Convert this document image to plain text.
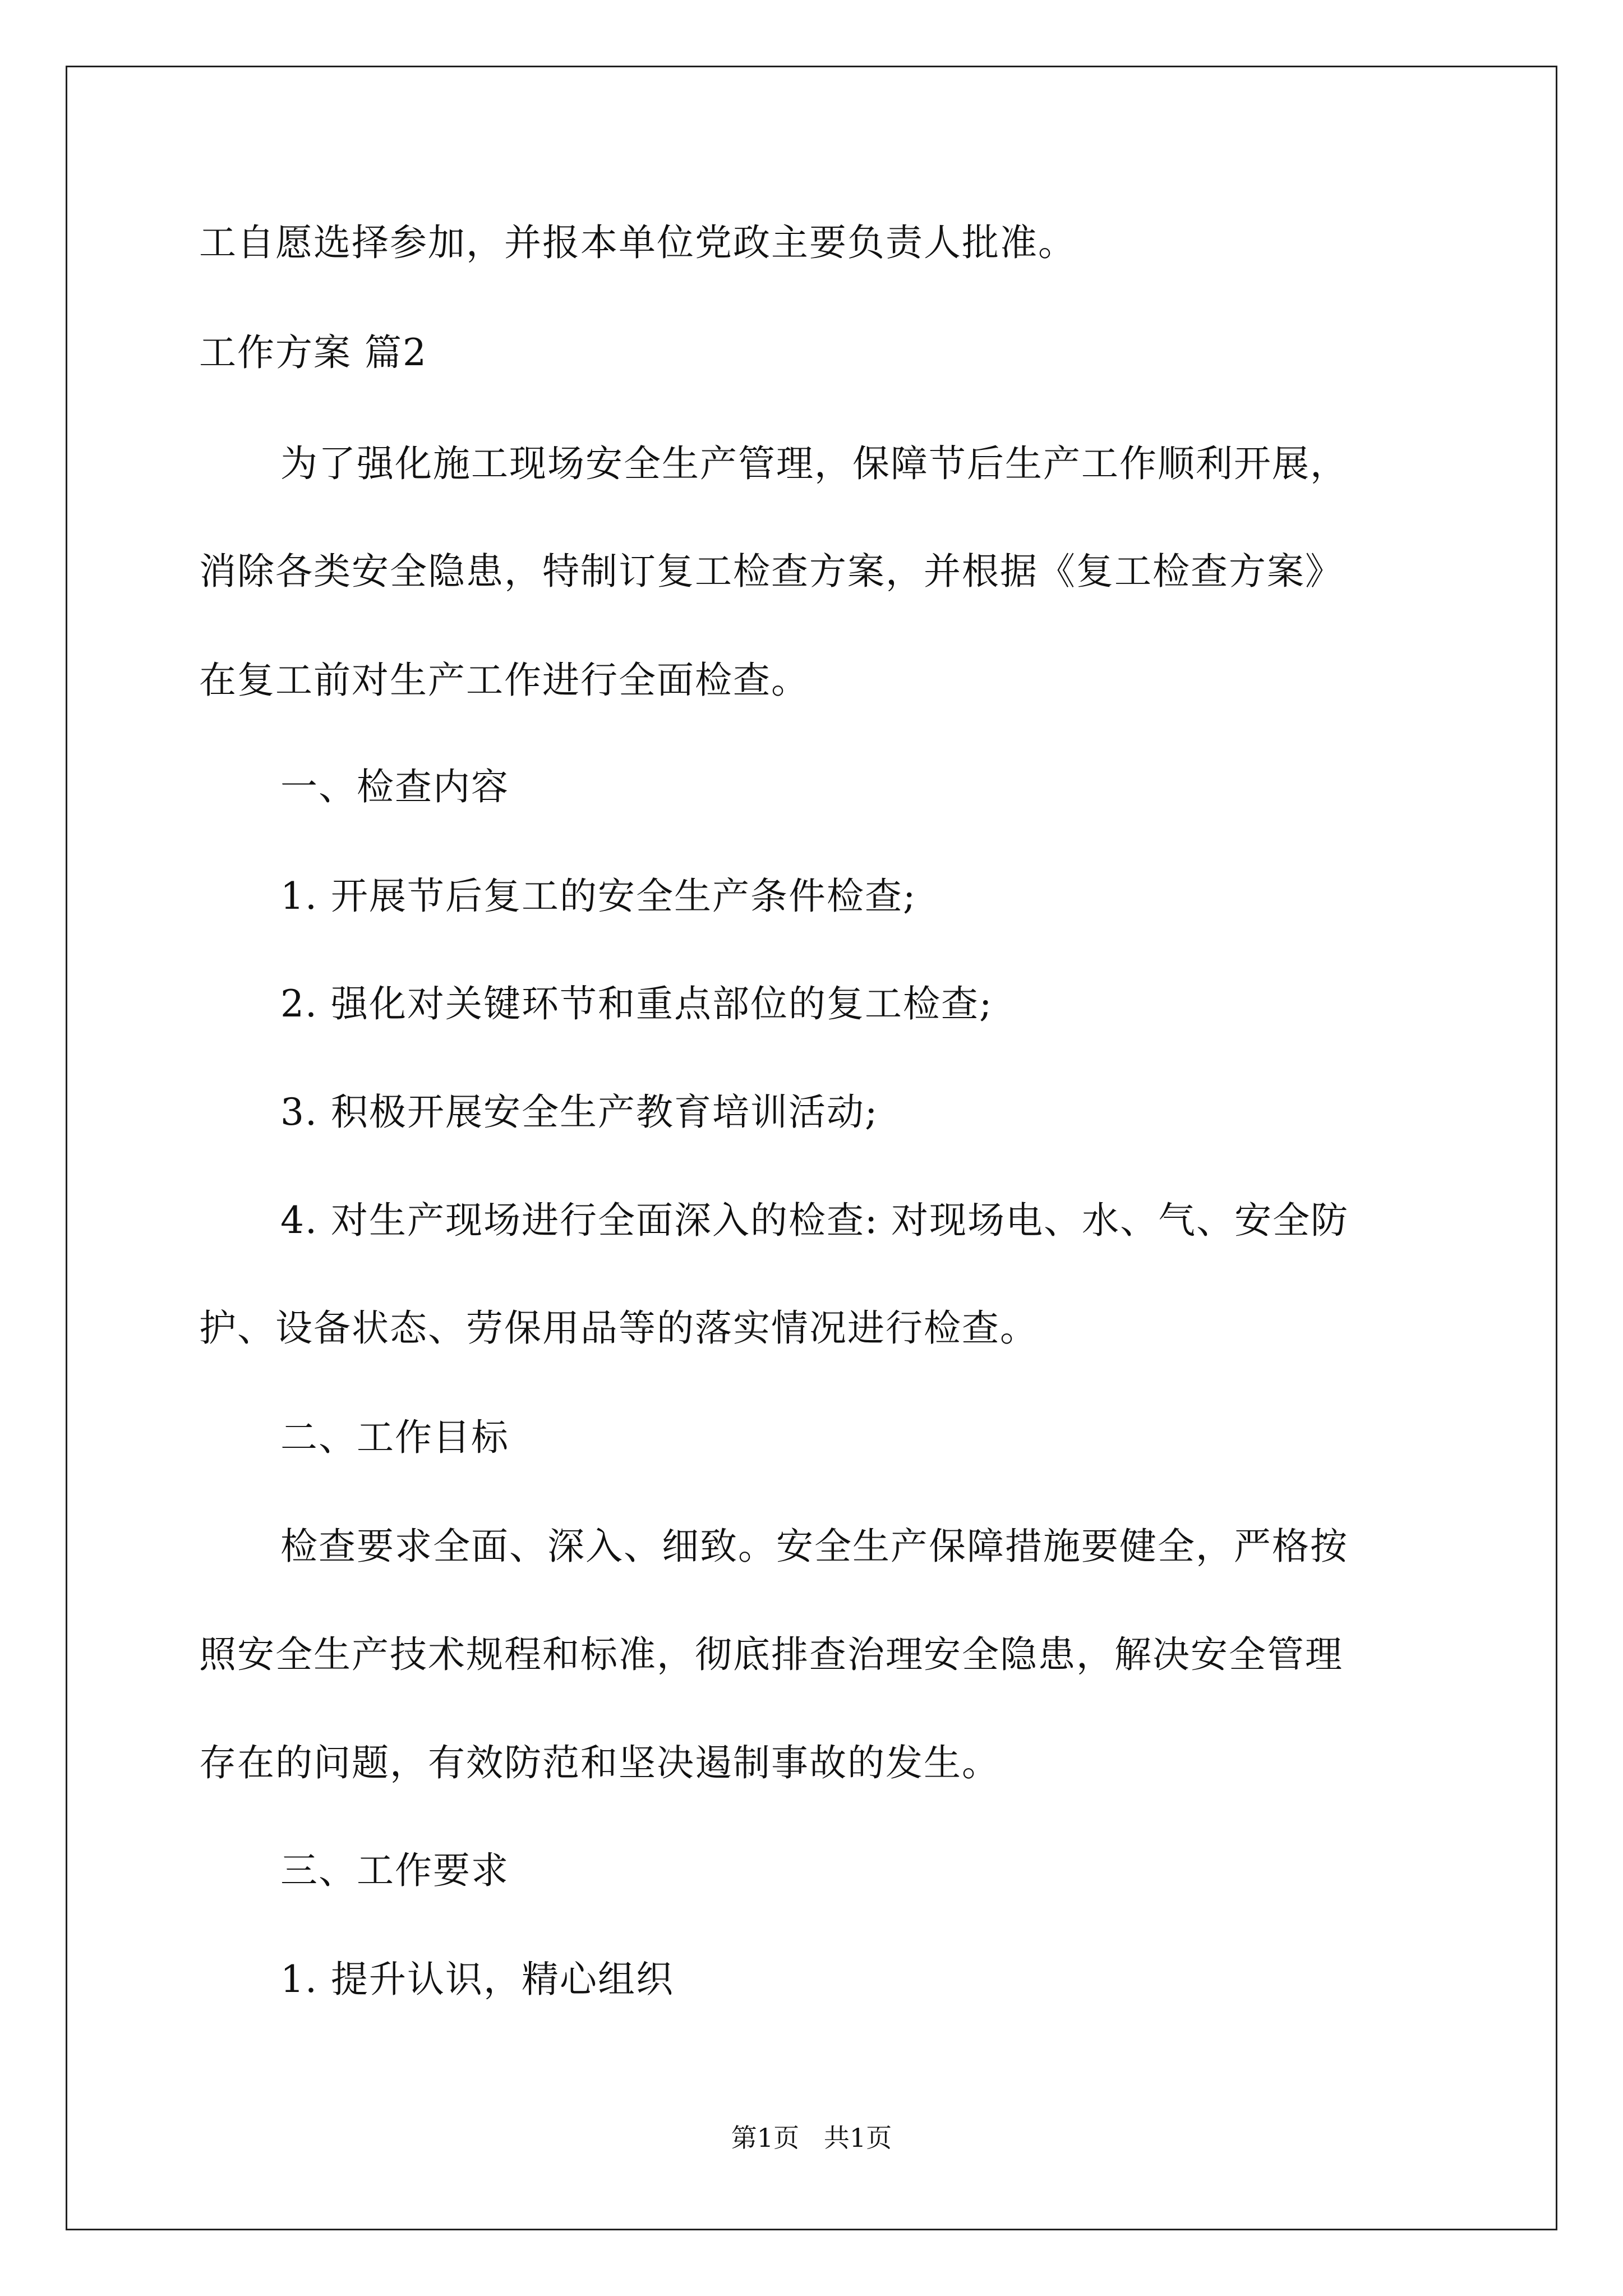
工自愿选择参加，并报本单位党政主要负责人批准。
工作方案 篇2
为了强化施工现场安全生产管理，保障节后生产工作顺利开展，
消除各类安全隐患，特制订复工检查方案，并根据《复工检查方案》
在复工前对生产工作进行全面检查。
一、检查内容
1. 开展节后复工的安全生产条件检查;
2. 强化对关键环节和重点部位的复工检查;
3. 积极开展安全生产教育培训活动;
4. 对生产现场进行全面深入的检查: 对现场电、水、气、安全防
护、设备状态、劳保用品等的落实情况进行检查。
二、工作目标
检查要求全面、深入、细致。安全生产保障措施要健全，严格按
照安全生产技术规程和标准，彻底排查治理安全隐患，解决安全管理
存在的问题，有效防范和坚决遏制事故的发生。
三、工作要求
1. 提升认识，精心组织
第1页   共1页
